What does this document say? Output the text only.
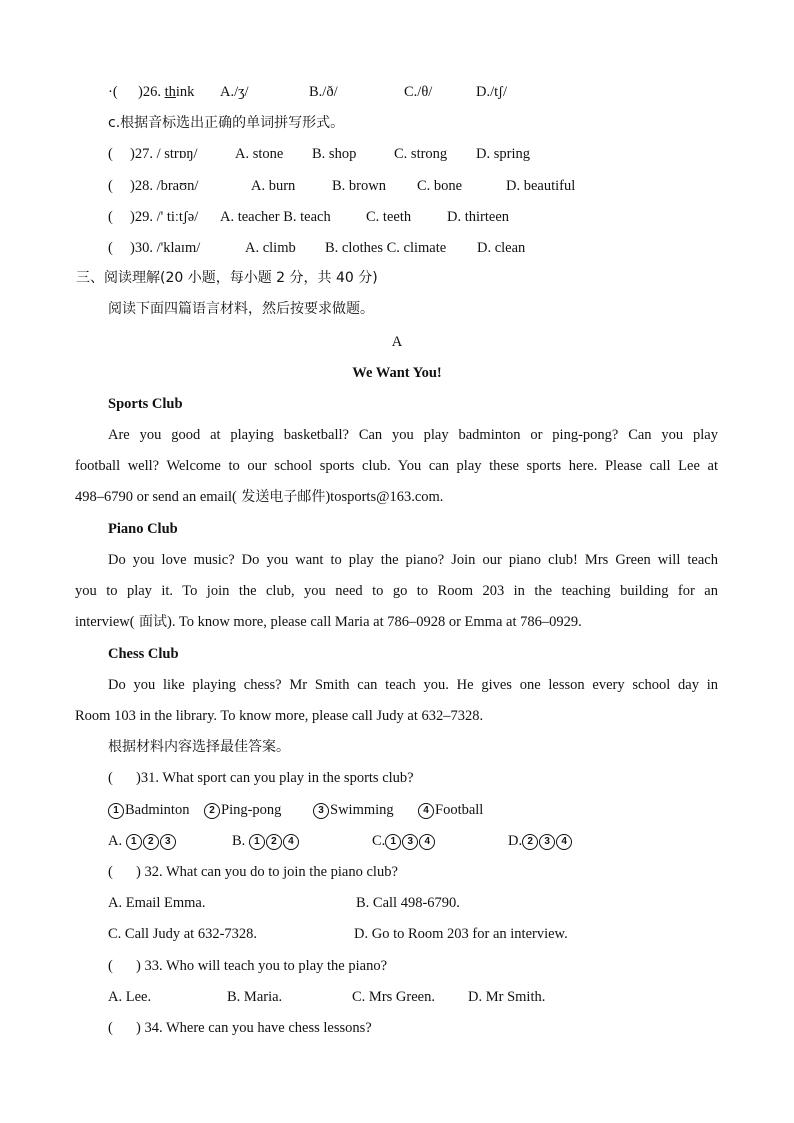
·( )26. think A./ʒ/	B./ð/	C./θ/	D./tʃ/
c.根据音标选出正确的单词拼写形式。
( )27. / strɒŋ/	A. stone B. shop	C. strong D. spring
( )28. /braʊn/	A. burn	B. brown C. bone	D. beautiful
( )29. /' tiːtʃə/ A. teacher B. teach C. teeth D. thirteen
( )30. /'klaɪm/	A. climb B. clothes C. climate D. clean
三、阅读理解(20 小题，每小题 2 分，共 40 分)
阅读下面四篇语言材料，然后按要求做题。
A
We Want You!
Sports Club
Are you good at playing basketball? Can you play badminton or ping-pong? Can you play
football well? Welcome to our school sports club. You can play these sports here. Please call Lee at
498–6790 or send an email( 发送电子邮件)tosports@163.com.
Piano Club
Do you love music? Do you want to play the piano? Join our piano club! Mrs Green will teach
you to play it. To join the club, you need to go to Room 203 in the teaching building for an
interview( 面试). To know more, please call Maria at 786–0928 or Emma at 786–0929.
Chess Club
Do you like playing chess? Mr Smith can teach you. He gives one lesson every school day in
Room 103 in the library. To know more, please call Judy at 632–7328.
根据材料内容选择最佳答案。
( )31. What sport can you play in the sports club?
1 Badminton	2 Ping-pong	3 Swimming	4 Football
A. 1 2 3	B. 1 2 4	C. 1 3 4	D. 2 3 4
( ) 32. What can you do to join the piano club?
A. Email Emma.	B. Call 498-6790.
C. Call Judy at 632-7328.	D. Go to Room 203 for an interview.
( ) 33. Who will teach you to play the piano?
A. Lee.	B. Maria.	C. Mrs Green. D. Mr Smith.
( ) 34. Where can you have chess lessons?
